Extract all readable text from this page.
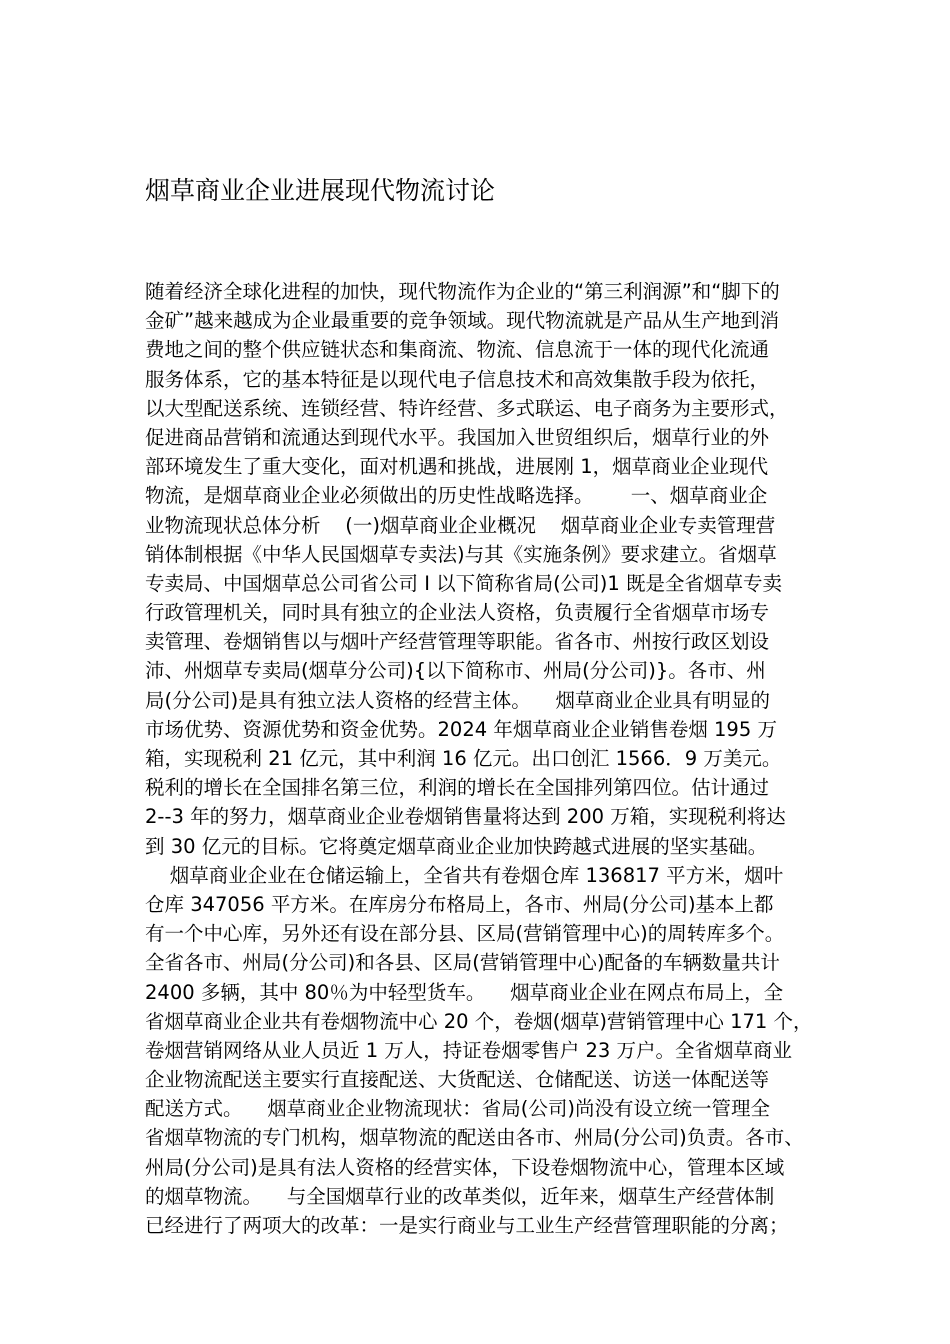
烟草商业企业进展现代物流讨论
随着经济全球化进程的加快，现代物流作为企业的“第三利润源”和“脚下的
金矿”越来越成为企业最重要的竞争领域。现代物流就是产品从生产地到消
费地之间的整个供应链状态和集商流、物流、信息流于一体的现代化流通
服务体系，它的基本特征是以现代电子信息技术和高效集散手段为依托，
以大型配送系统、连锁经营、特许经营、多式联运、电子商务为主要形式，
促进商品营销和流通达到现代水平。我国加入世贸组织后，烟草行业的外
部环境发生了重大变化，面对机遇和挑战，进展刚 1，烟草商业企业现代
物流，是烟草商业企业必须做出的历史性战略选择。      一、烟草商业企
业物流现状总体分析    (一)烟草商业企业概况    烟草商业企业专卖管理营
销体制根据《中华人民国烟草专卖法)与其《实施条例》要求建立。省烟草
专卖局、中国烟草总公司省公司 I 以下简称省局(公司)1 既是全省烟草专卖
行政管理机关，同时具有独立的企业法人资格，负责履行全省烟草市场专
卖管理、卷烟销售以与烟叶产经营管理等职能。省各市、州按行政区划设
沛、州烟草专卖局(烟草分公司){以下简称市、州局(分公司)}。各市、州
局(分公司)是具有独立法人资格的经营主体。    烟草商业企业具有明显的
市场优势、资源优势和资金优势。2024 年烟草商业企业销售卷烟 195 万
箱，实现税利 21 亿元，其中利润 16 亿元。出口创汇 1566．9 万美元。
税利的增长在全国排名第三位，利润的增长在全国排列第四位。估计通过
2--3 年的努力，烟草商业企业卷烟销售量将达到 200 万箱，实现税利将达
到 30 亿元的目标。它将奠定烟草商业企业加快跨越式进展的坚实基础。
烟草商业企业在仓储运输上，全省共有卷烟仓库 136817 平方米，烟叶
仓库 347056 平方米。在库房分布格局上，各市、州局(分公司)基本上都
有一个中心库，另外还有设在部分县、区局(营销管理中心)的周转库多个。
全省各市、州局(分公司)和各县、区局(营销管理中心)配备的车辆数量共计
2400 多辆，其中 80％为中轻型货车。    烟草商业企业在网点布局上，全
省烟草商业企业共有卷烟物流中心 20 个，卷烟(烟草)营销管理中心 171 个，
卷烟营销网络从业人员近 1 万人，持证卷烟零售户 23 万户。全省烟草商业
企业物流配送主要实行直接配送、大货配送、仓储配送、访送一体配送等
配送方式。    烟草商业企业物流现状：省局(公司)尚没有设立统一管理全
省烟草物流的专门机构，烟草物流的配送由各市、州局(分公司)负责。各市、
州局(分公司)是具有法人资格的经营实体，下设卷烟物流中心，管理本区域
的烟草物流。    与全国烟草行业的改革类似，近年来，烟草生产经营体制
已经进行了两项大的改革：一是实行商业与工业生产经营管理职能的分离；
